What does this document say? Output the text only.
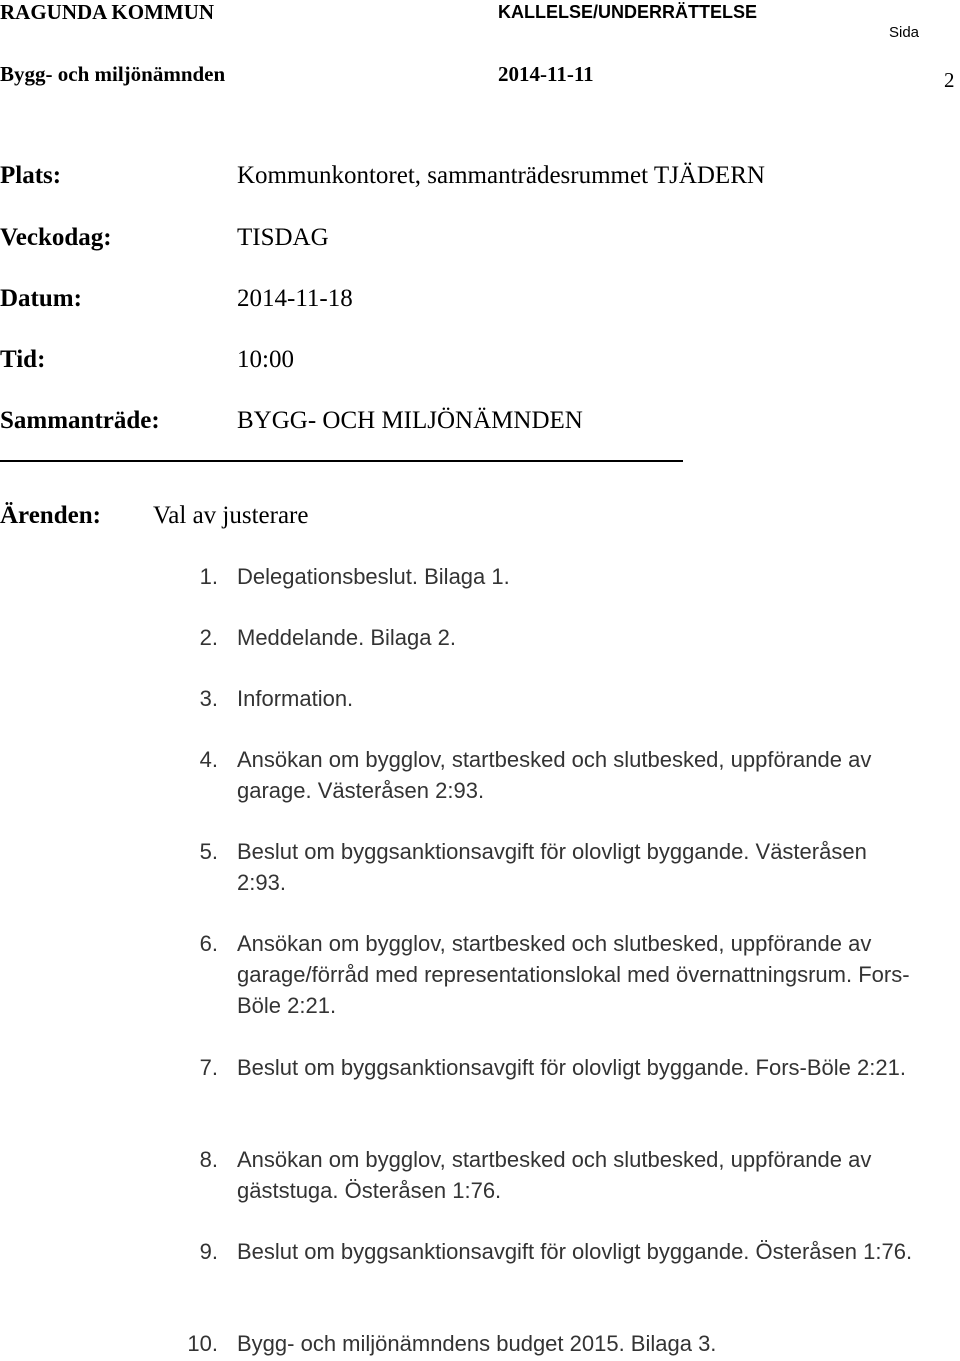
RAGUNDA KOMMUN
Bygg- och miljönämnden
KALLELSE/UNDERRÄTTELSE
2014-11-11
Sida
2
Plats:	Kommunkontoret, sammanträdesrummet TJÄDERN
Veckodag:	TISDAG
Datum:	2014-11-18
Tid:	10:00
Sammanträde:	BYGG- OCH MILJÖNÄMNDEN
Ärenden: Val av justerare
1. Delegationsbeslut. Bilaga 1.
2. Meddelande. Bilaga 2.
3. Information.
4. Ansökan om bygglov, startbesked och slutbesked, uppförande av garage. Västeråsen 2:93.
5. Beslut om byggsanktionsavgift för olovligt byggande. Västeråsen 2:93.
6. Ansökan om bygglov, startbesked och slutbesked, uppförande av garage/förråd med representationslokal med övernattningsrum. Fors-Böle 2:21.
7. Beslut om byggsanktionsavgift för olovligt byggande. Fors-Böle 2:21.
8. Ansökan om bygglov, startbesked och slutbesked, uppförande av gäststuga. Österåsen 1:76.
9. Beslut om byggsanktionsavgift för olovligt byggande. Österåsen 1:76.
10. Bygg- och miljönämndens budget 2015. Bilaga 3.
